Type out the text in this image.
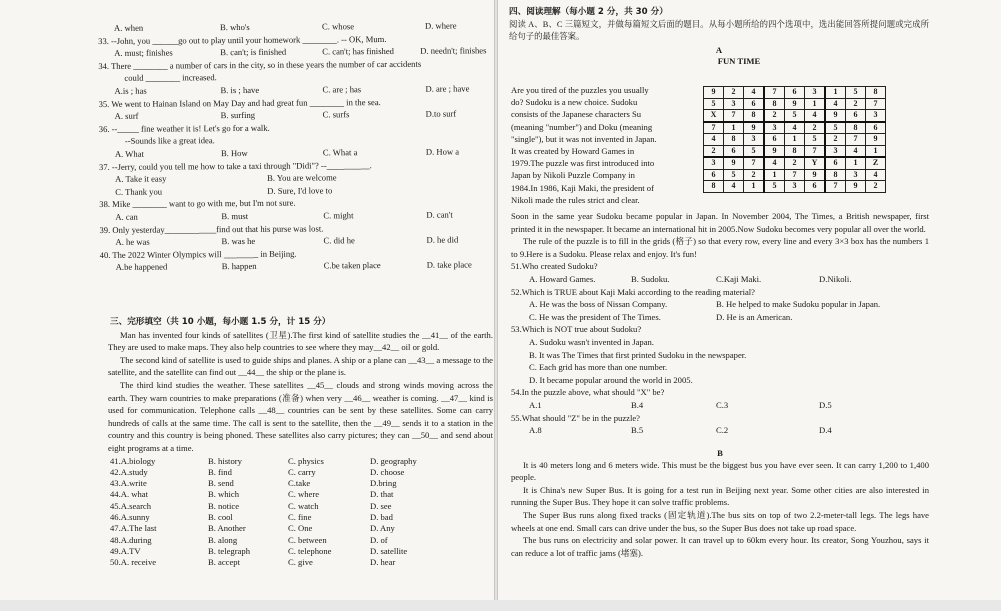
A. when	B. who's	C. whose	D. where
33. --John, you ______go out to play until your homework ________. -- OK, Mum.
A. must; finishes	B. can't; is finished	C. can't; has finished	D. needn't; finishes
34. There ________ a number of cars in the city, so in these years the number of car accidents
could ________ increased.
A.is ; has	B. is ; have	C. are ; has	D. are ; have
35. We went to Hainan Island on May Day and had great fun ________ in the sea.
A. surf	B. surfing	C. surfs	D.to surf
36. --_____ fine weather it is! Let's go for a walk.
--Sounds like a great idea.
A. What	B. How	C. What a	D. How a
37. --Jerry, could you tell me how to take a taxi through "Didi"? --__________.
A. Take it easy	B. You are welcome
C. Thank you	D. Sure, I'd love to
38. Mike ________ want to go with me, but I'm not sure.
A. can	B. must	C. might	D. can't
39. Only yesterday____________find out that his purse was lost.
A. he was	B. was he	C. did he	D. he did
40. The 2022 Winter Olympics will ________ in Beijing.
A.be happened	B. happen	C.be taken place	D. take place
三、完形填空（共 10 小题，每小题 1.5 分，计 15 分）
Man has invented four kinds of satellites (卫星).The first kind of satellite studies the __41__ of the earth. They are used to make maps. They also help countries to see where they may__42__ oil or gold.
The second kind of satellite is used to guide ships and planes. A ship or a plane can __43__ a message to the satellite, and the satellite can find out __44__ the ship or the plane is.
The third kind studies the weather. These satellites __45__ clouds and strong winds moving across the earth. They warn countries to make preparations (准备) when very __46__ weather is coming. __47__ kind is used for communication. Telephone calls __48__ countries can be sent by these satellites. Some can carry hundreds of calls at the same time. The call is sent to the satellite, then the __49__ sends it to a station in the country and this country is being phoned. These satellites also carry pictures; they can __50__ and send about eight programs at a time.
41.A.biology	B. history	C. physics	D. geography
42.A.study	B. find	C. carry	D. choose
43.A.write	B. send	C.take	D.bring
44.A. what	B. which	C. where	D. that
45.A.search	B. notice	C. watch	D. see
46.A.sunny	B. cool	C. fine	D. bad
47.A.The last	B. Another	C. One	D. Any
48.A.during	B. along	C. between	D. of
49.A.TV	B. telegraph	C. telephone	D. satellite
50.A. receive	B. accept	C. give	D. hear
四、阅读理解（每小题 2 分，共 30 分）
阅读 A、B、C 三篇短文，并做每篇短文后面的题目。从每小题所给的四个选项中，选出能回答所提问题或完成所给句子的最佳答案。
A
FUN TIME
Are you tired of the puzzles you usually
do? Sudoku is a new choice. Sudoku
consists of the Japanese characters Su
(meaning "number") and Doku (meaning
"single"), but it was not invented in Japan.
It was created by Howard Games in
1979.The puzzle was first introduced into
Japan by Nikoli Puzzle Company in
1984.In 1986, Kaji Maki, the president of
Nikoli made the rules strict and clear.
9	2	4	7	6	3	1	5	8
5	3	6	8	9	1	4	2	7
X	7	8	2	5	4	9	6	3
7	1	9	3	4	2	5	8	6
4	8	3	6	1	5	2	7	9
2	6	5	9	8	7	3	4	1
3	9	7	4	2	Y	6	1	Z
6	5	2	1	7	9	8	3	4
8	4	1	5	3	6	7	9	2
Soon in the same year Sudoku became popular in Japan. In November 2004, The Times, a British newspaper, first printed it in the newspaper. It became an international hit in 2005.Now Sudoku becomes very popular all over the world.
The rule of the puzzle is to fill in the grids (格子) so that every row, every line and every 3×3 box has the numbers 1 to 9.Here is a Sudoku. Please relax and enjoy. It's fun!
51.Who created Sudoku?
A. Howard Games.	B. Sudoku.	C.Kaji Maki.	D.Nikoli.
52.Which is TRUE about Kaji Maki according to the reading material?
A. He was the boss of Nissan Company.	B. He helped to make Sudoku popular in Japan.
C. He was the president of The Times.	D. He is an American.
53.Which is NOT true about Sudoku?
A. Sudoku wasn't invented in Japan.
B. It was The Times that first printed Sudoku in the newspaper.
C. Each grid has more than one number.
D. It became popular around the world in 2005.
54.In the puzzle above, what should "X" be?
A.1	B.4	C.3	D.5
55.What should "Z" be in the puzzle?
A.8	B.5	C.2	D.4
B
It is 40 meters long and 6 meters wide. This must be the biggest bus you have ever seen. It can carry 1,200 to 1,400 people.
It is China's new Super Bus. It is going for a test run in Beijing next year. Some other cities are also interested in running the Super Bus. They hope it can solve traffic problems.
The Super Bus runs along fixed tracks (固定轨道).The bus sits on top of two 2.2-meter-tall legs. The legs have wheels at one end. Small cars can drive under the bus, so the Super Bus does not take up road space.
The bus runs on electricity and solar power. It can travel up to 60km every hour. Its creator, Song Youzhou, says it can reduce a lot of traffic jams (堵塞).
